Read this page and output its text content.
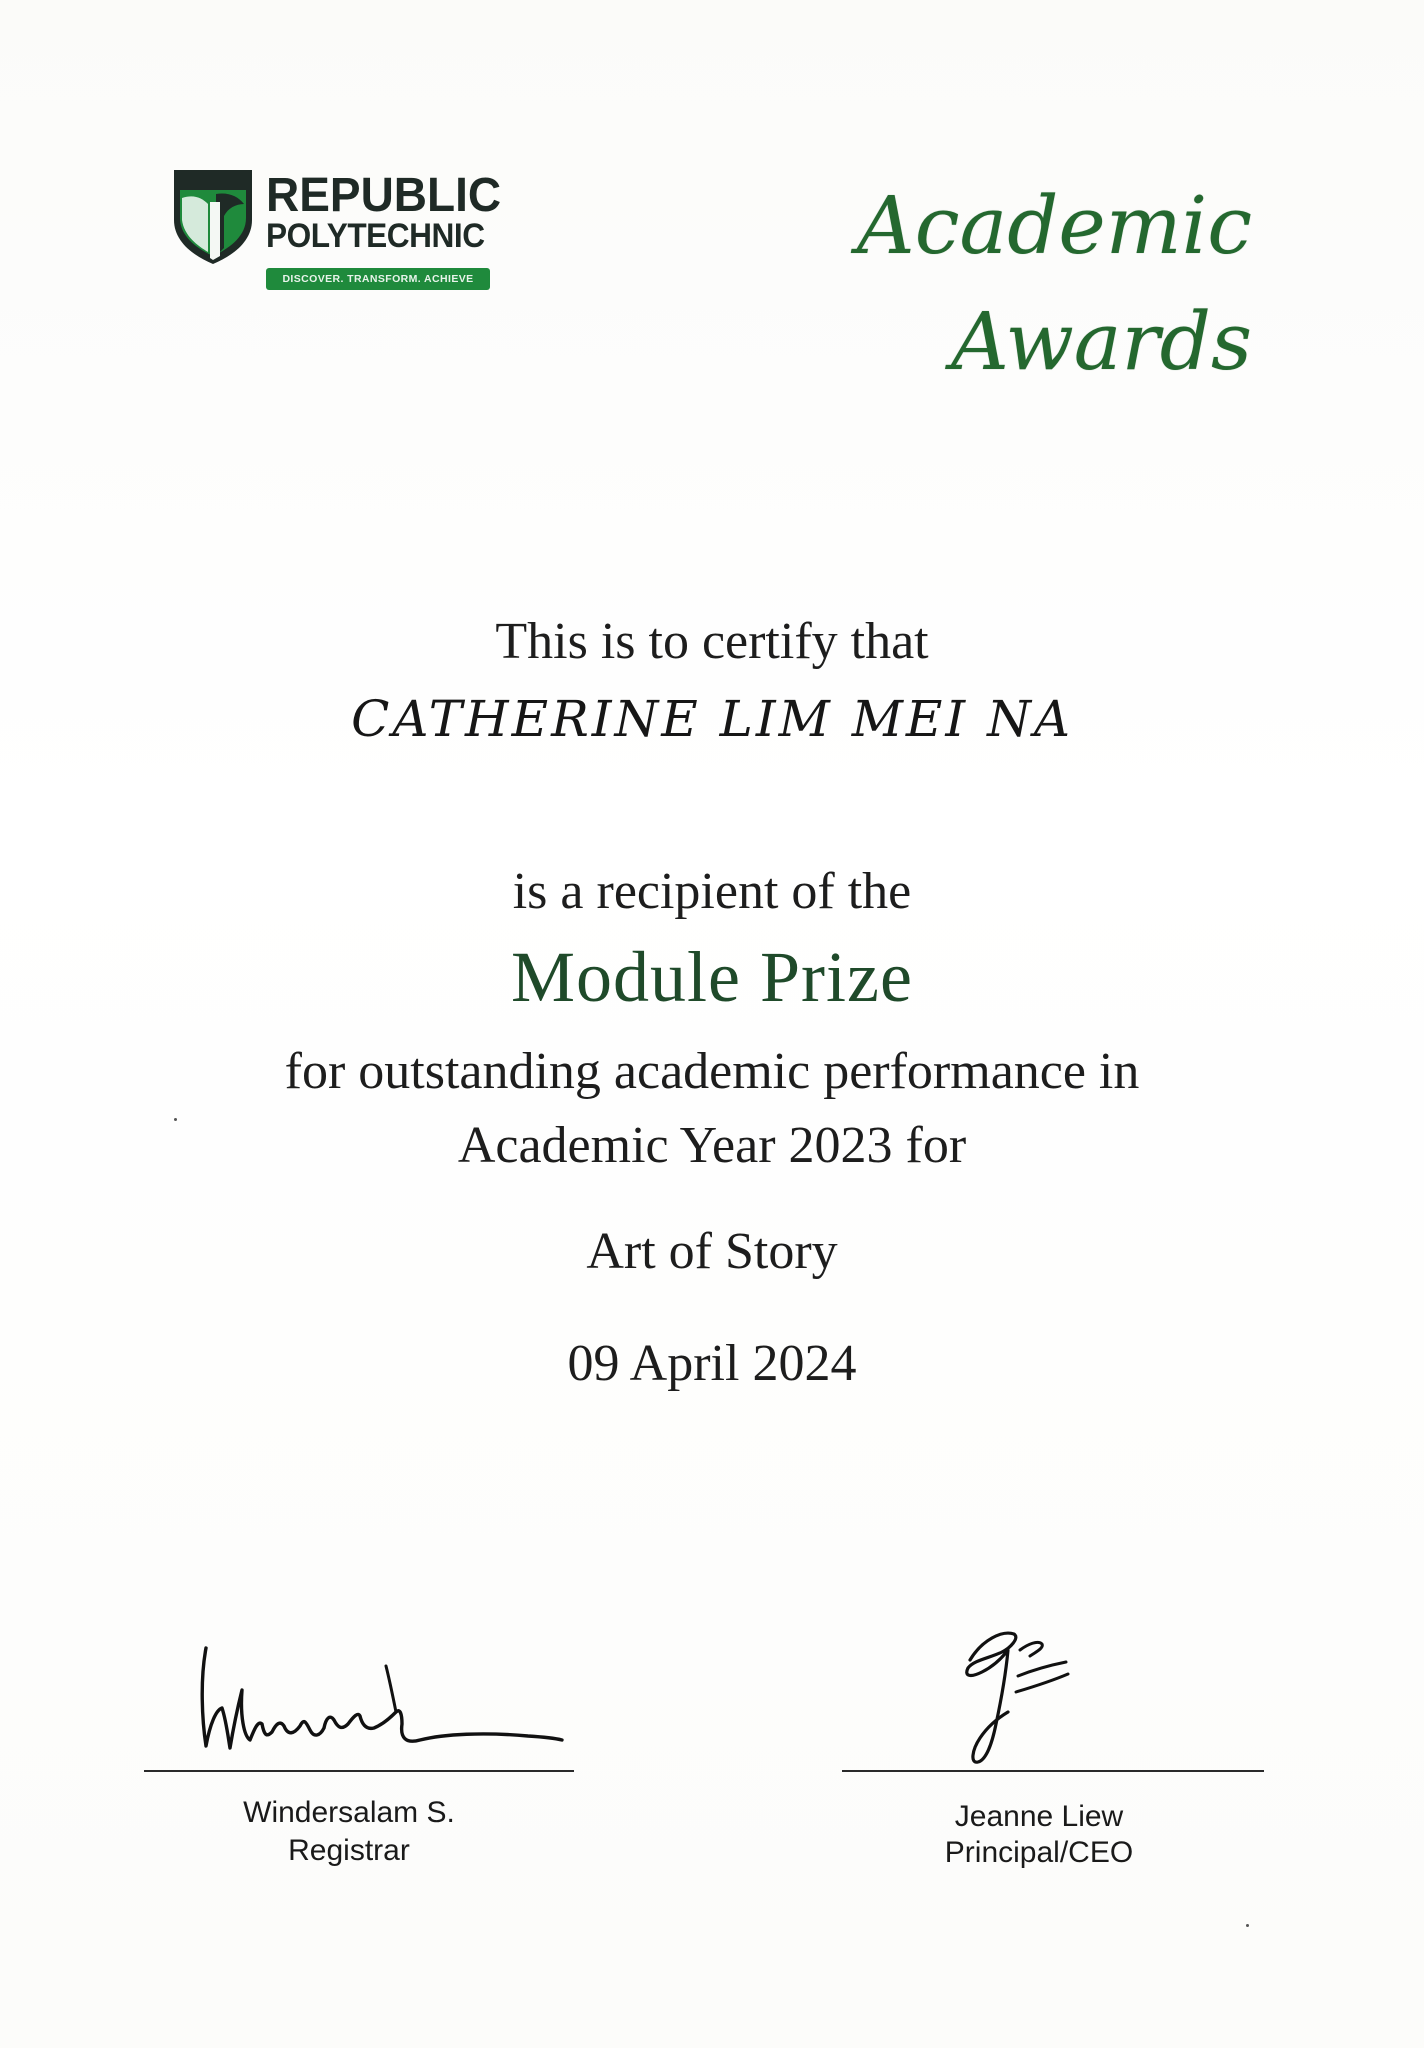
REPUBLIC
POLYTECHNIC
DISCOVER. TRANSFORM. ACHIEVE
Academic
Awards
This is to certify that
CATHERINE LIM MEI NA
is a recipient of the
Module Prize
for outstanding academic performance in
Academic Year 2023 for
Art of Story
09 April 2024
Windersalam S.
Registrar
Jeanne Liew
Principal/CEO
